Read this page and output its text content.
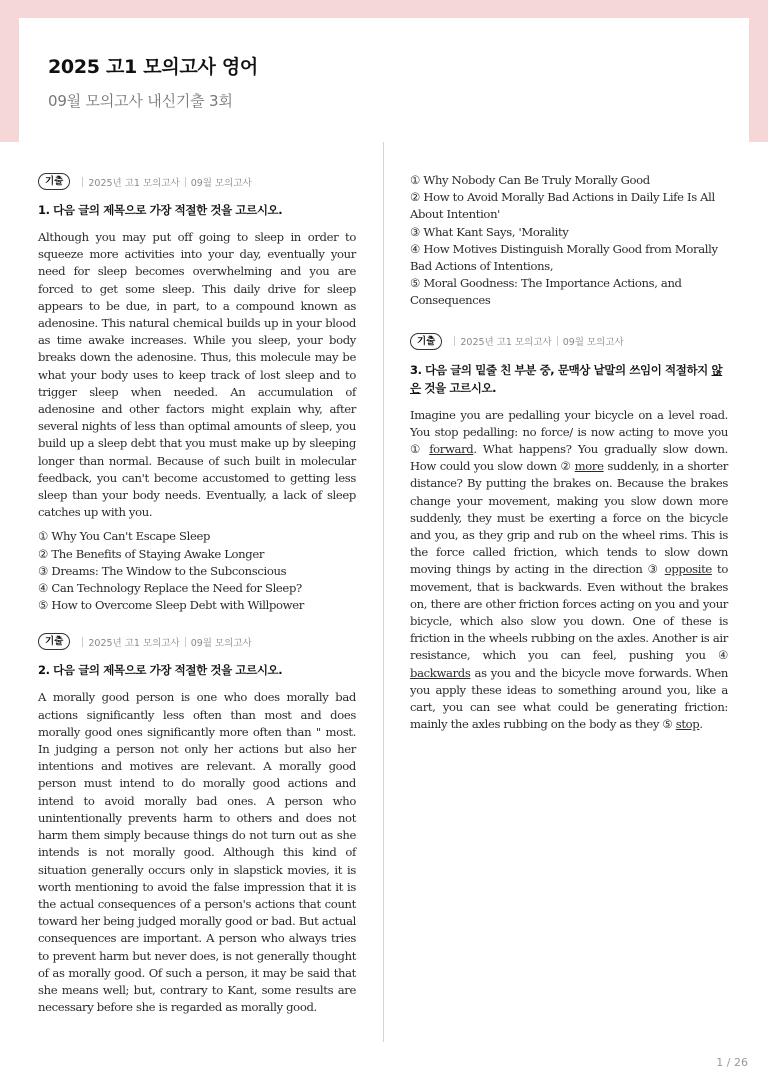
2025 고1 모의고사 영어
09월 모의고사 내신기출 3회
기출	2025년 고1 모의고사 09월 모의고사
1. 다음 글의 제목으로 가장 적절한 것을 고르시오.

Although you may put off going to sleep in order to squeeze more activities into your day, eventually your need for sleep becomes overwhelming and you are forced to get some sleep. This daily drive for sleep appears to be due, in part, to a compound known as adenosine. This natural chemical builds up in your blood as time awake increases. While you sleep, your body breaks down the adenosine. Thus, this molecule may be what your body uses to keep track of lost sleep and to trigger sleep when needed. An accumulation of adenosine and other factors might explain why, after several nights of less than optimal amounts of sleep, you build up a sleep debt that you must make up by sleeping longer than normal. Because of such built in molecular feedback, you can't become accustomed to getting less sleep than your body needs. Eventually, a lack of sleep catches up with you.

① Why You Can't Escape Sleep
② The Benefits of Staying Awake Longer
③ Dreams: The Window to the Subconscious
④ Can Technology Replace the Need for Sleep?
⑤ How to Overcome Sleep Debt with Willpower
기출	2025년 고1 모의고사 09월 모의고사
2. 다음 글의 제목으로 가장 적절한 것을 고르시오.

A morally good person is one who does morally bad actions significantly less often than most and does morally good ones significantly more often than " most. In judging a person not only her actions but also her intentions and motives are relevant. A morally good person must intend to do morally good actions and intend to avoid morally bad ones. A person who unintentionally prevents harm to others and does not harm them simply because things do not turn out as she intends is not morally good. Although this kind of situation generally occurs only in slapstick movies, it is worth mentioning to avoid the false impression that it is the actual consequences of a person's actions that count toward her being judged morally good or bad. But actual consequences are important. A person who always tries to prevent harm but never does, is not generally thought of as morally good. Of such a person, it may be said that she means well; but, contrary to Kant, some results are necessary before she is regarded as morally good.

① Why Nobody Can Be Truly Morally Good
② How to Avoid Morally Bad Actions in Daily Life Is All About Intention'
③ What Kant Says, 'Morality
④ How Motives Distinguish Morally Good from Morally Bad Actions of Intentions,
⑤ Moral Goodness: The Importance Actions, and Consequences
기출	2025년 고1 모의고사 09월 모의고사
3. 다음 글의 밑줄 친 부분 중, 문맥상 낱말의 쓰임이 적절하지 않은 것을 고르시오.

Imagine you are pedalling your bicycle on a level road. You stop pedalling: no force/ is now acting to move you ① forward. What happens? You gradually slow down. How could you slow down ② more suddenly, in a shorter distance? By putting the brakes on. Because the brakes change your movement, making you slow down more suddenly, they must be exerting a force on the bicycle and you, as they grip and rub on the wheel rims. This is the force called friction, which tends to slow down moving things by acting in the direction ③ opposite to movement, that is backwards. Even without the brakes on, there are other friction forces acting on you and your bicycle, which also slow you down. One of these is friction in the wheels rubbing on the axles. Another is air resistance, which you can feel, pushing you ④ backwards as you and the bicycle move forwards. When you apply these ideas to something around you, like a cart, you can see what could be generating friction: mainly the axles rubbing on the body as they ⑤ stop.

1 / 26
